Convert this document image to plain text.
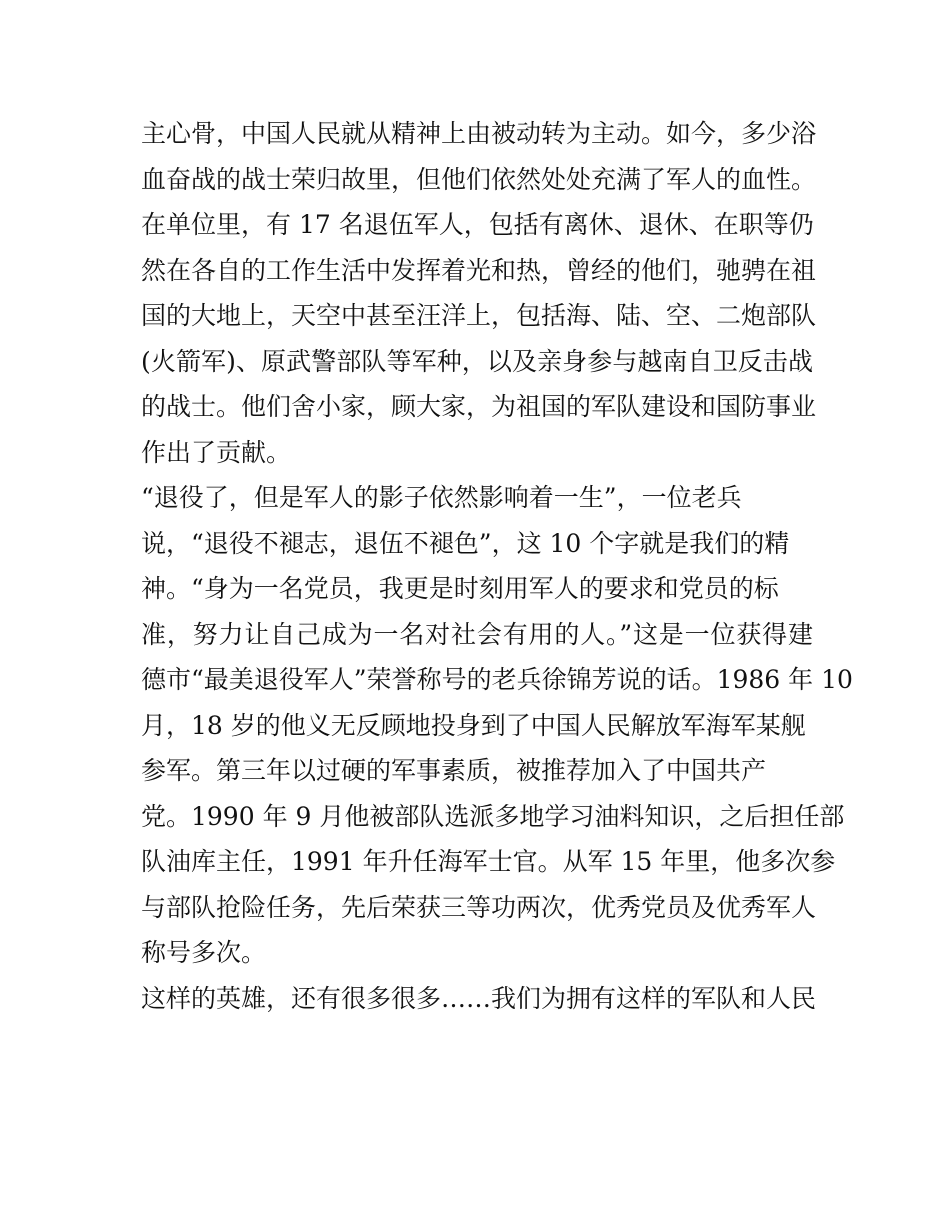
主心骨，中国人民就从精神上由被动转为主动。如今，多少浴
血奋战的战士荣归故里，但他们依然处处充满了军人的血性。
在单位里，有 17 名退伍军人，包括有离休、退休、在职等仍
然在各自的工作生活中发挥着光和热，曾经的他们，驰骋在祖
国的大地上，天空中甚至汪洋上，包括海、陆、空、二炮部队
(火箭军)、原武警部队等军种，以及亲身参与越南自卫反击战
的战士。他们舍小家，顾大家，为祖国的军队建设和国防事业
作出了贡献。
“退役了，但是军人的影子依然影响着一生”，一位老兵
说，“退役不褪志，退伍不褪色”，这 10 个字就是我们的精
神。“身为一名党员，我更是时刻用军人的要求和党员的标
准，努力让自己成为一名对社会有用的人。”这是一位获得建
德市“最美退役军人”荣誉称号的老兵徐锦芳说的话。1986 年 10
月，18 岁的他义无反顾地投身到了中国人民解放军海军某舰
参军。第三年以过硬的军事素质，被推荐加入了中国共产
党。1990 年 9 月他被部队选派多地学习油料知识，之后担任部
队油库主任，1991 年升任海军士官。从军 15 年里，他多次参
与部队抢险任务，先后荣获三等功两次，优秀党员及优秀军人
称号多次。
这样的英雄，还有很多很多……我们为拥有这样的军队和人民
